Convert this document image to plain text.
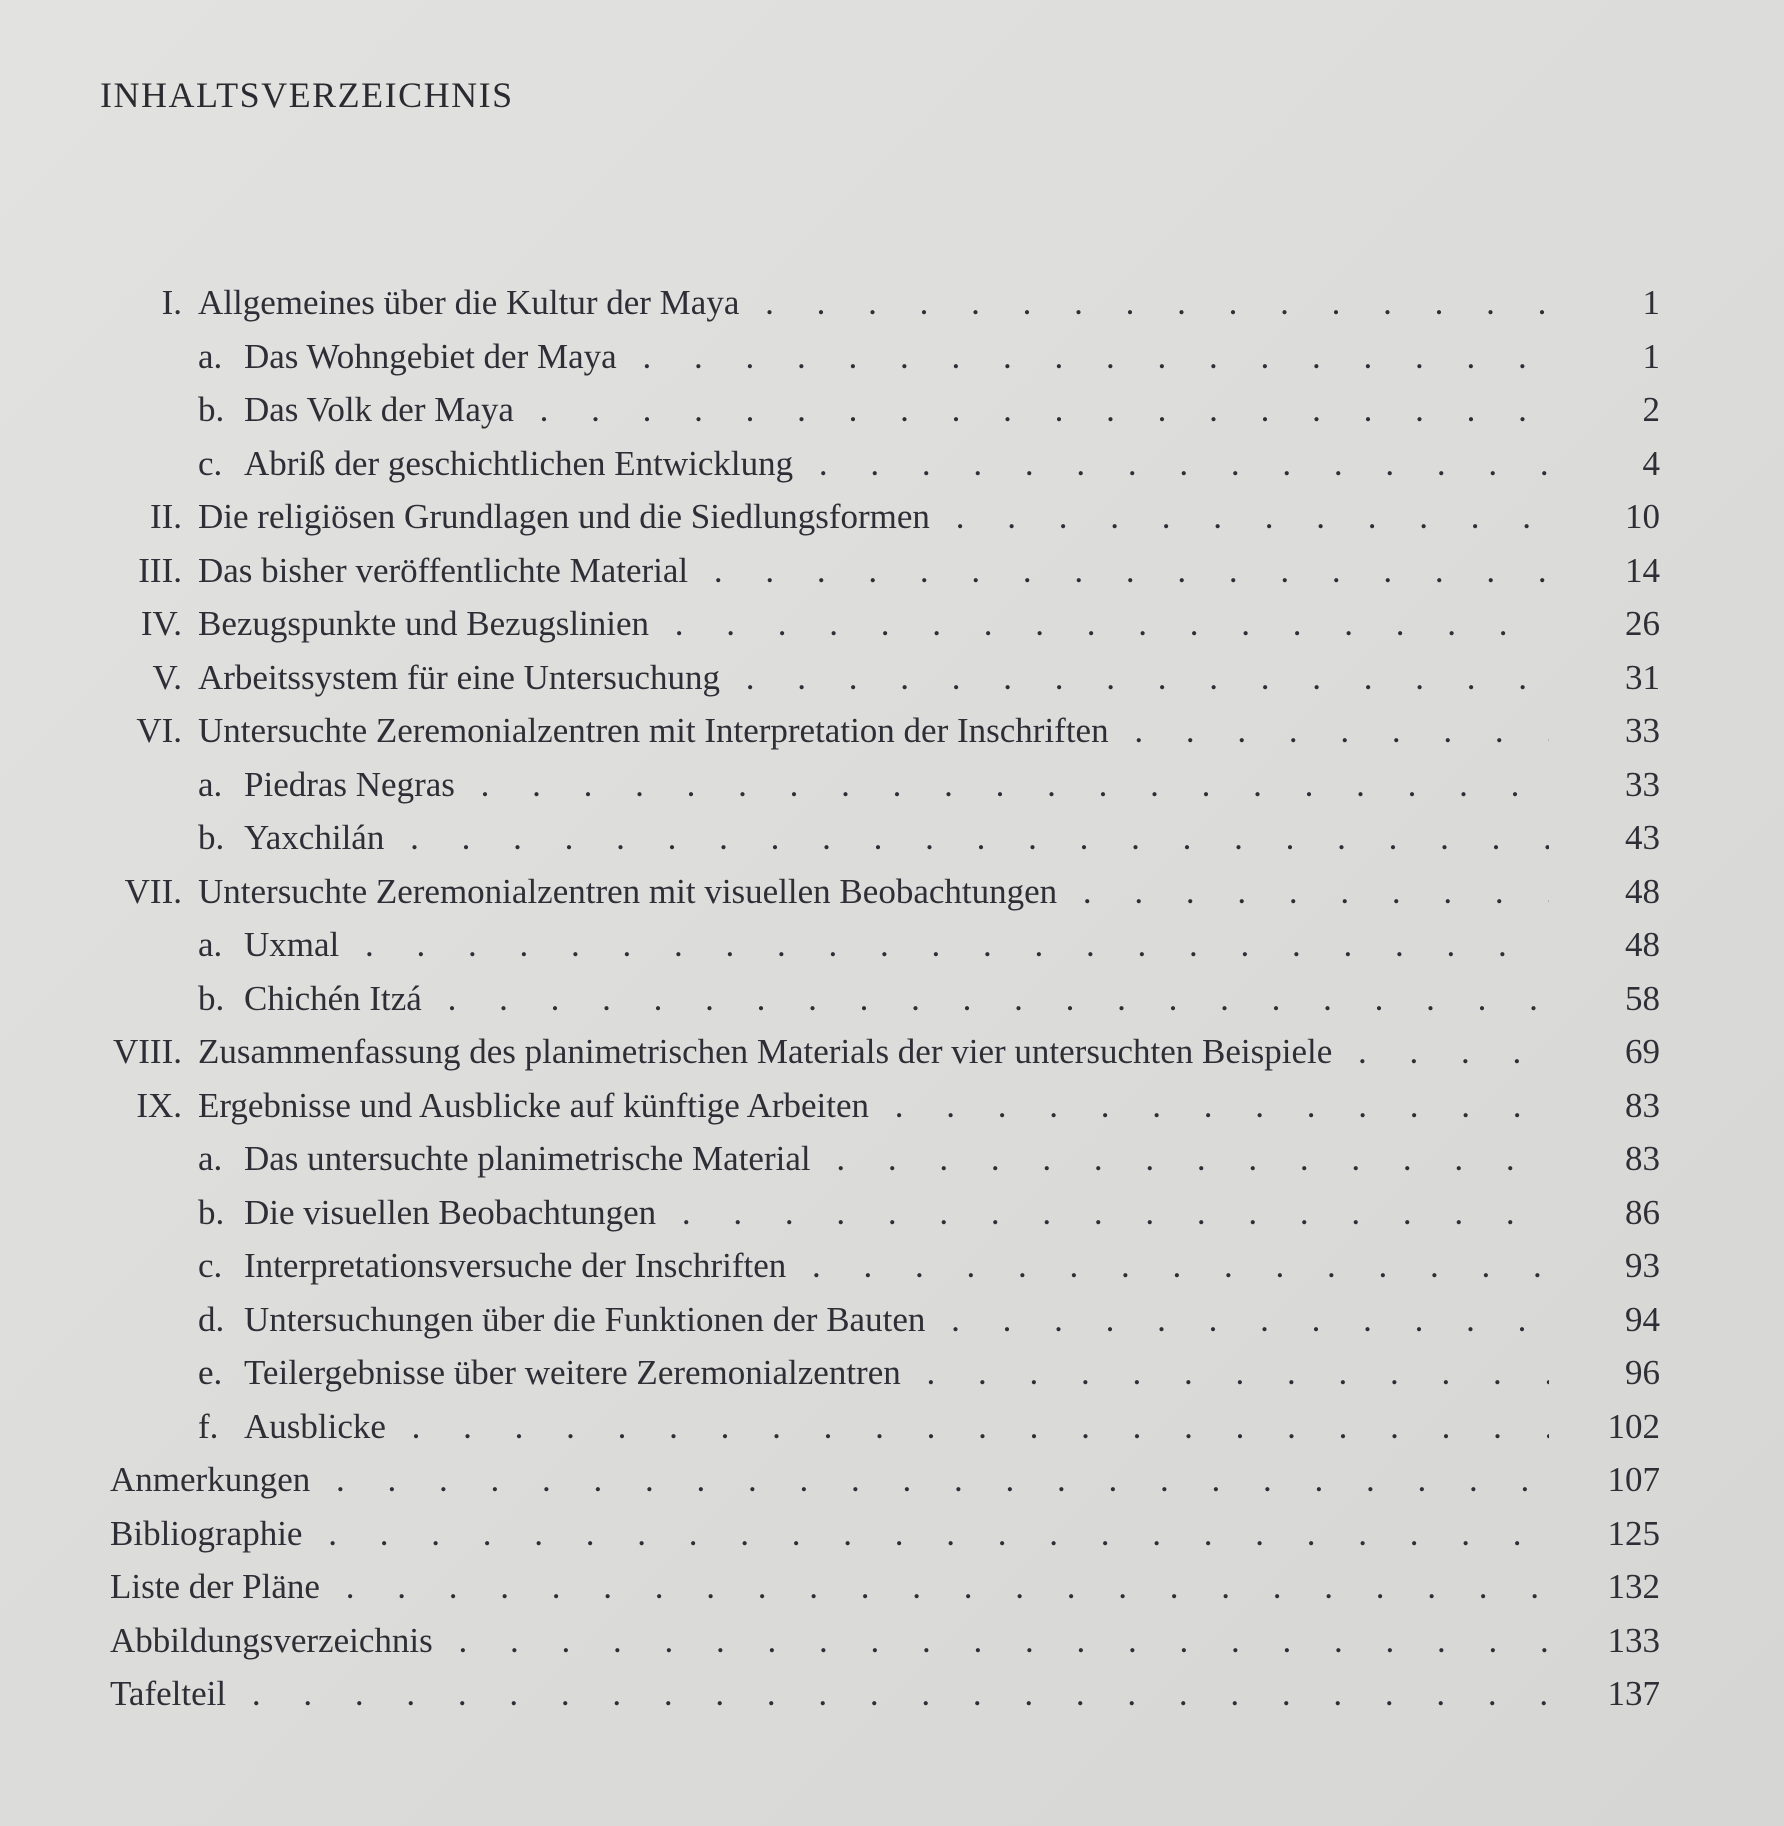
INHALTSVERZEICHNIS
I. Allgemeines über die Kultur der Maya . . .	1
a. Das Wohngebiet der Maya . . .	1
b. Das Volk der Maya . . .	2
c. Abriß der geschichtlichen Entwicklung . . .	4
II. Die religiösen Grundlagen und die Siedlungsformen . . .	10
III. Das bisher veröffentlichte Material . . .	14
IV. Bezugspunkte und Bezugslinien . . .	26
V. Arbeitssystem für eine Untersuchung . . .	31
VI. Untersuchte Zeremonialzentren mit Interpretation der Inschriften . . .	33
a. Piedras Negras . . .	33
b. Yaxchilán . . .	43
VII. Untersuchte Zeremonialzentren mit visuellen Beobachtungen . . .	48
a. Uxmal . . .	48
b. Chichén Itzá . . .	58
VIII. Zusammenfassung des planimetrischen Materials der vier untersuchten Beispiele . . .	69
IX. Ergebnisse und Ausblicke auf künftige Arbeiten . . .	83
a. Das untersuchte planimetrische Material . . .	83
b. Die visuellen Beobachtungen . . .	86
c. Interpretationsversuche der Inschriften . . .	93
d. Untersuchungen über die Funktionen der Bauten . . .	94
e. Teilergebnisse über weitere Zeremonialzentren . . .	96
f. Ausblicke . . .	102
Anmerkungen . . .	107
Bibliographie . . .	125
Liste der Pläne . . .	132
Abbildungsverzeichnis . . .	133
Tafelteil . . .	137
